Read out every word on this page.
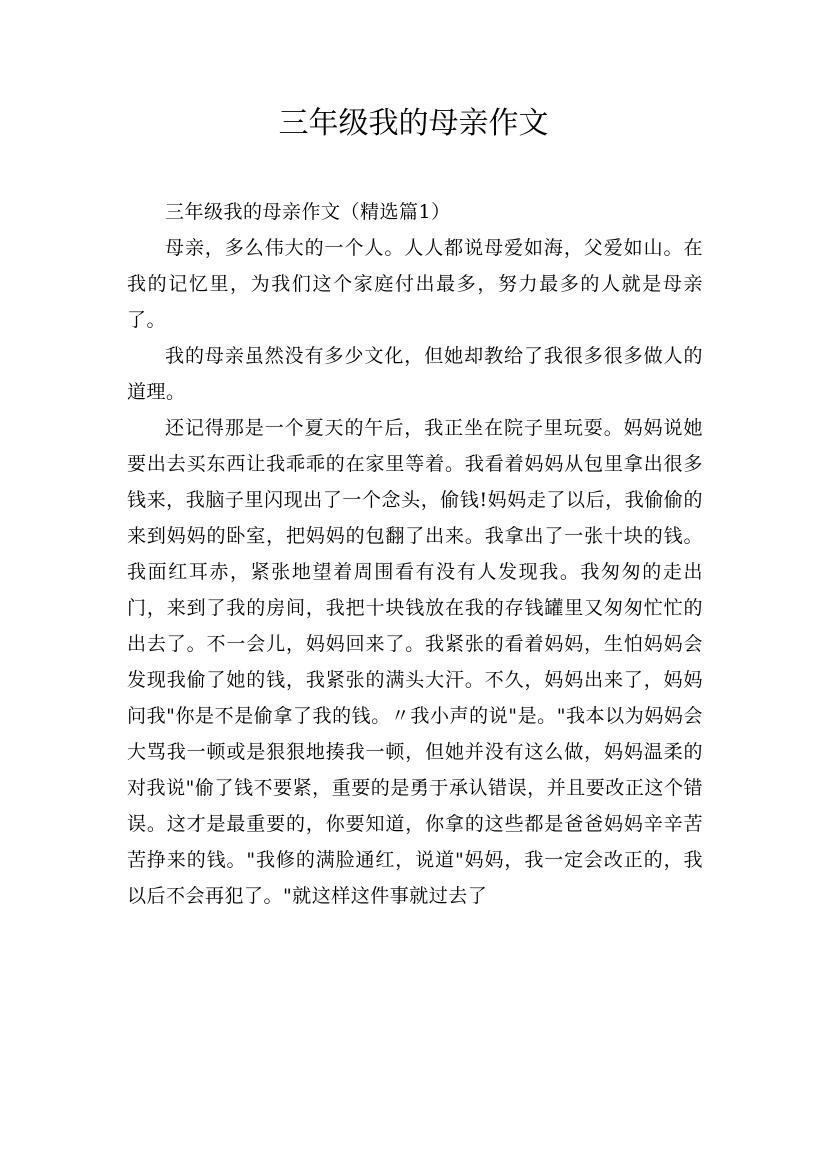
三年级我的母亲作文

三年级我的母亲作文（精选篇1）

母亲，多么伟大的一个人。人人都说母爱如海，父爱如山。在我的记忆里，为我们这个家庭付出最多，努力最多的人就是母亲了。

我的母亲虽然没有多少文化，但她却教给了我很多很多做人的道理。

还记得那是一个夏天的午后，我正坐在院子里玩耍。妈妈说她要出去买东西让我乖乖的在家里等着。我看着妈妈从包里拿出很多钱来，我脑子里闪现出了一个念头，偷钱!妈妈走了以后，我偷偷的来到妈妈的卧室，把妈妈的包翻了出来。我拿出了一张十块的钱。我面红耳赤，紧张地望着周围看有没有人发现我。我匆匆的走出门，来到了我的房间，我把十块钱放在我的存钱罐里又匆匆忙忙的出去了。不一会儿，妈妈回来了。我紧张的看着妈妈，生怕妈妈会发现我偷了她的钱，我紧张的满头大汗。不久，妈妈出来了，妈妈问我"你是不是偷拿了我的钱。〃我小声的说"是。"我本以为妈妈会大骂我一顿或是狠狠地揍我一顿，但她并没有这么做，妈妈温柔的对我说"偷了钱不要紧，重要的是勇于承认错误，并且要改正这个错误。这才是最重要的，你要知道，你拿的这些都是爸爸妈妈辛辛苦苦挣来的钱。"我修的满脸通红，说道"妈妈，我一定会改正的，我以后不会再犯了。"就这样这件事就过去了
